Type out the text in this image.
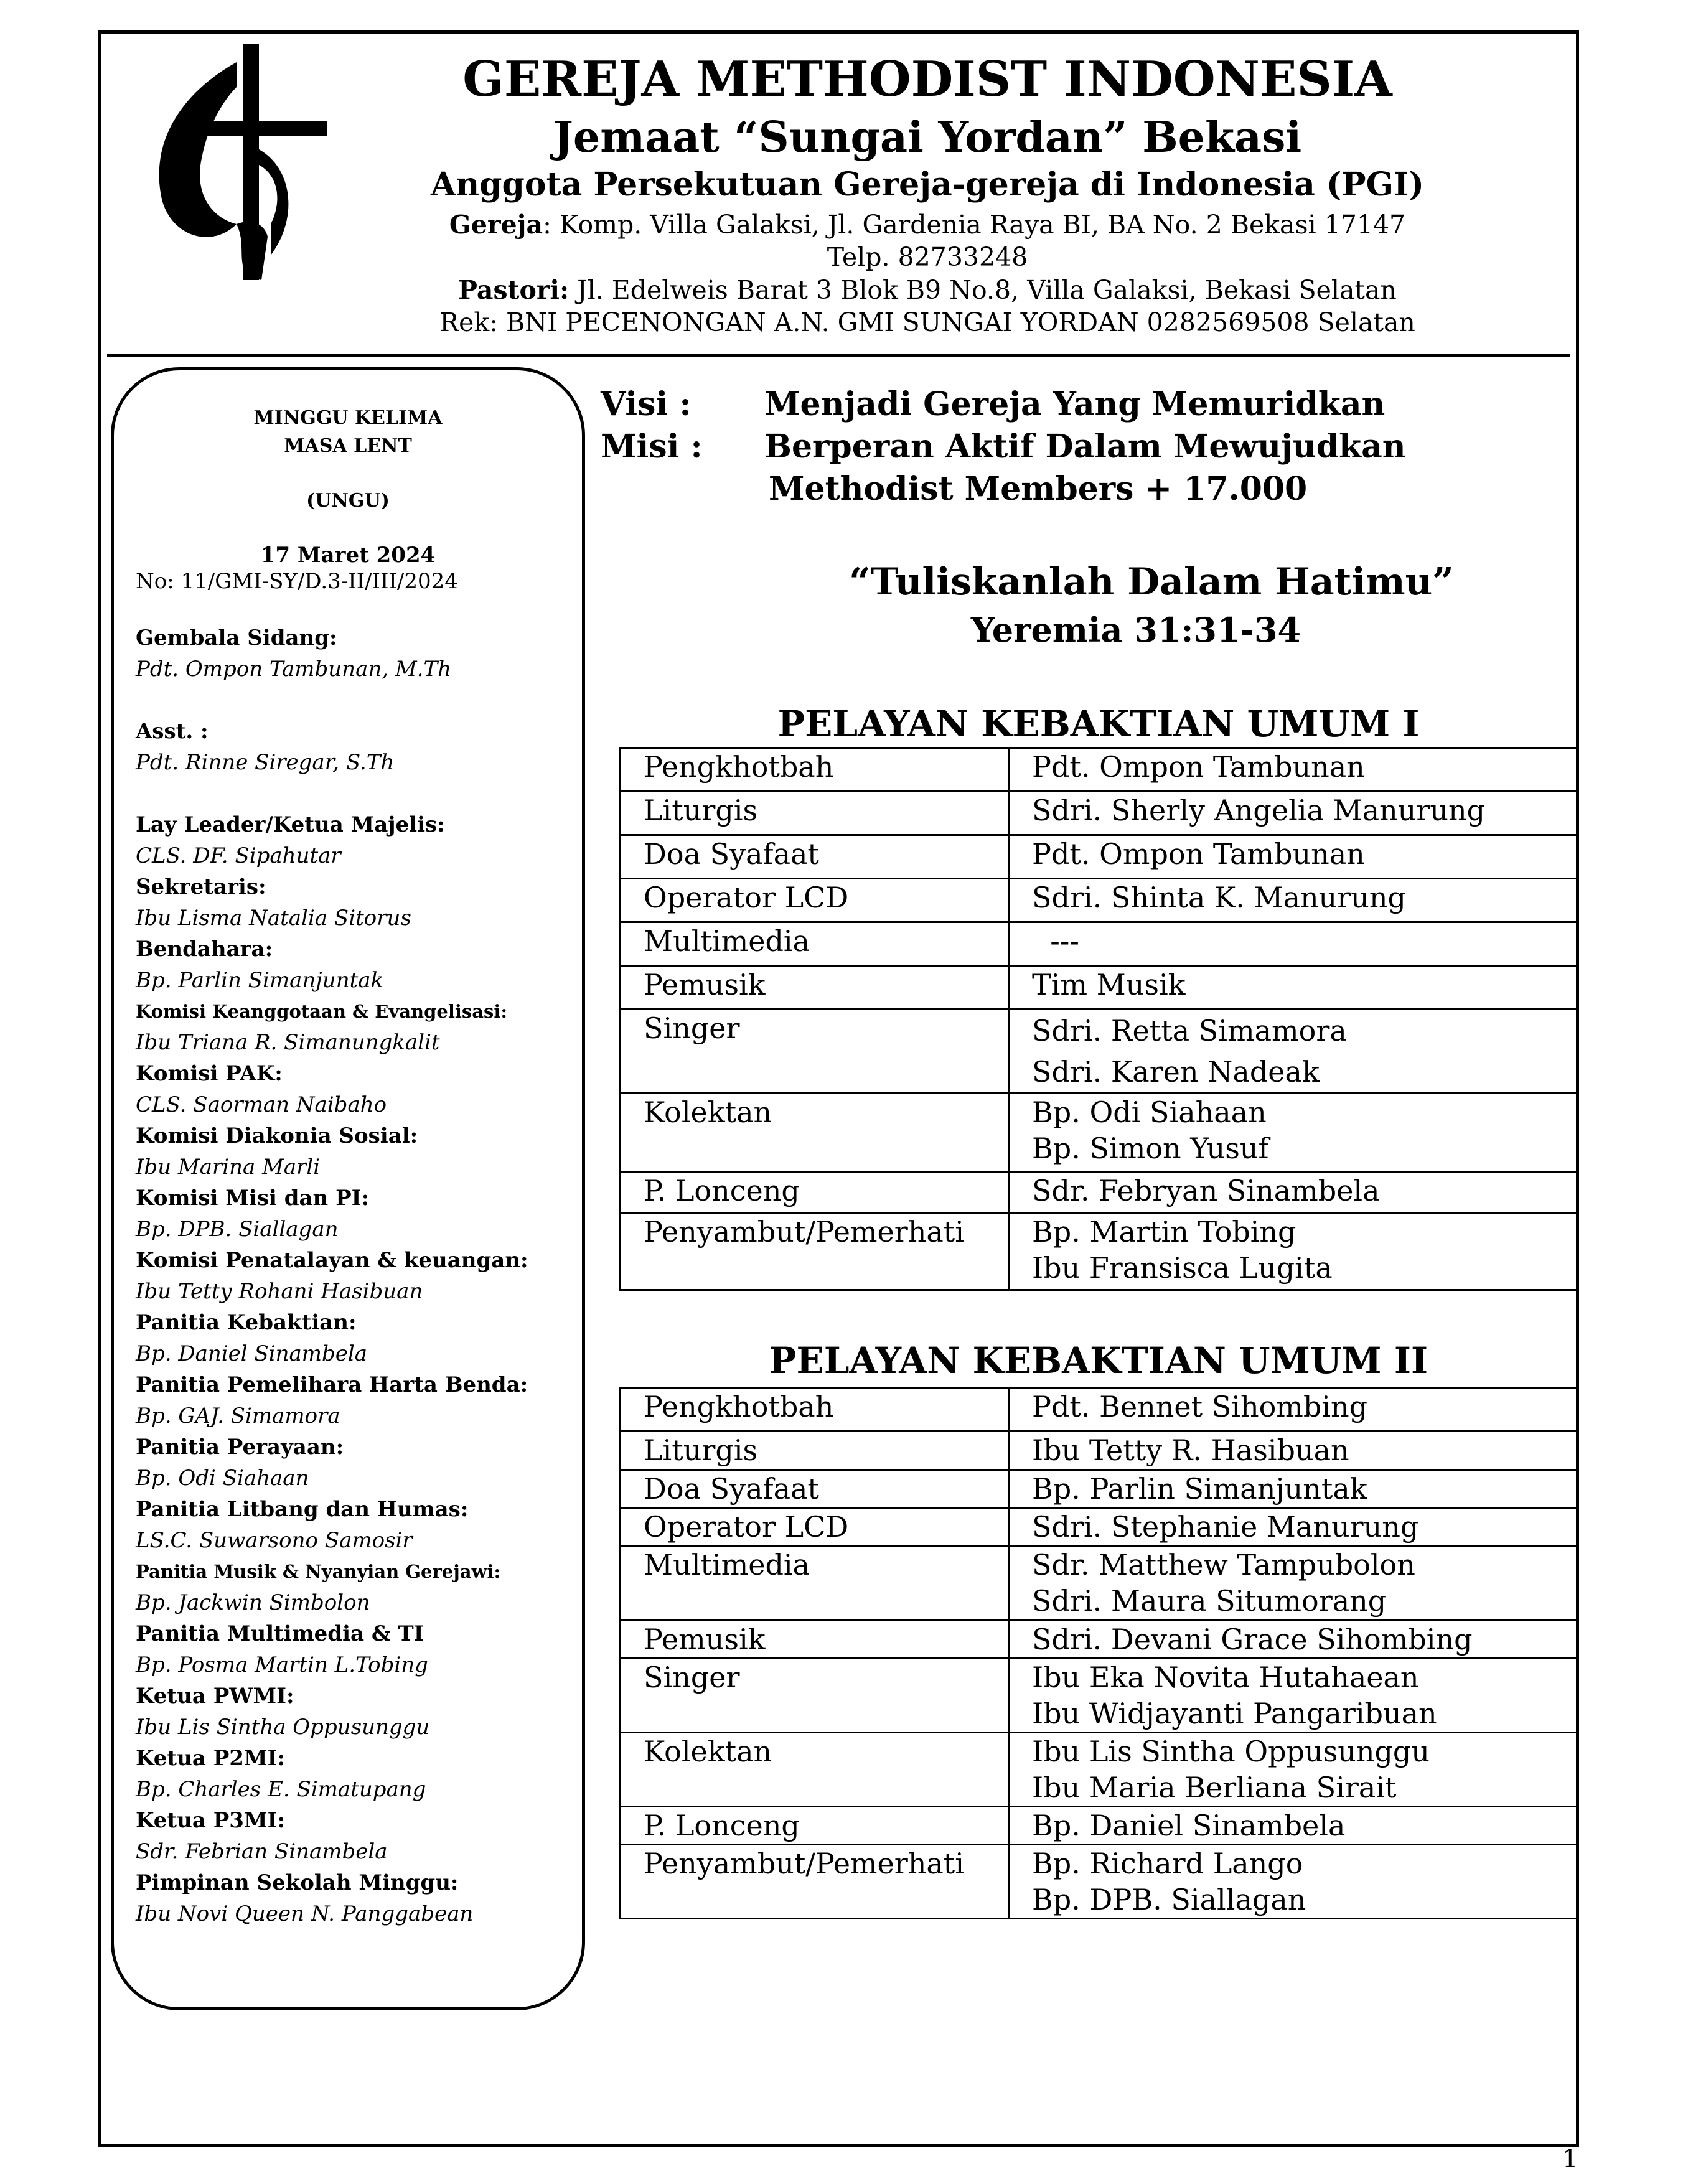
GEREJA METHODIST INDONESIA
Jemaat “Sungai Yordan” Bekasi
Anggota Persekutuan Gereja-gereja di Indonesia (PGI)
Gereja: Komp. Villa Galaksi, Jl. Gardenia Raya BI, BA No. 2 Bekasi 17147
Telp. 82733248
Pastori: Jl. Edelweis Barat 3 Blok B9 No.8, Villa Galaksi, Bekasi Selatan
Rek: BNI PECENONGAN A.N. GMI SUNGAI YORDAN 0282569508 Selatan
MINGGU KELIMA
MASA LENT
(UNGU)
17 Maret 2024
No: 11/GMI-SY/D.3-II/III/2024
Gembala Sidang:
Pdt. Ompon Tambunan, M.Th
Asst. :
Pdt. Rinne Siregar, S.Th
Lay Leader/Ketua Majelis:
CLS. DF. Sipahutar
Sekretaris:
Ibu Lisma Natalia Sitorus
Bendahara:
Bp. Parlin Simanjuntak
Komisi Keanggotaan & Evangelisasi:
Ibu Triana R. Simanungkalit
Komisi PAK:
CLS. Saorman Naibaho
Komisi Diakonia Sosial:
Ibu Marina Marli
Komisi Misi dan PI:
Bp. DPB. Siallagan
Komisi Penatalayan & keuangan:
Ibu Tetty Rohani Hasibuan
Panitia Kebaktian:
Bp. Daniel Sinambela
Panitia Pemelihara Harta Benda:
Bp. GAJ. Simamora
Panitia Perayaan:
Bp. Odi Siahaan
Panitia Litbang dan Humas:
LS.C. Suwarsono Samosir
Panitia Musik & Nyanyian Gerejawi:
Bp. Jackwin Simbolon
Panitia Multimedia & TI
Bp. Posma Martin L.Tobing
Ketua PWMI:
Ibu Lis Sintha Oppusunggu
Ketua P2MI:
Bp. Charles E. Simatupang
Ketua P3MI:
Sdr. Febrian Sinambela
Pimpinan Sekolah Minggu:
Ibu Novi Queen N. Panggabean
Visi : Menjadi Gereja Yang Memuridkan
Misi : Berperan Aktif Dalam Mewujudkan
Methodist Members + 17.000
“Tuliskanlah Dalam Hatimu”
Yeremia 31:31-34
PELAYAN KEBAKTIAN UMUM I
Pengkhotbah	Pdt. Ompon Tambunan

Liturgis	Sdri. Sherly Angelia Manurung

Doa Syafaat	Pdt. Ompon Tambunan

Operator LCD	Sdri. Shinta K. Manurung

Multimedia	---

Pemusik	Tim Musik

Singer	Sdri. Retta Simamora
Sdri. Karen Nadeak

Kolektan	Bp. Odi Siahaan
Bp. Simon Yusuf

P. Lonceng	Sdr. Febryan Sinambela

Penyambut/Pemerhati	Bp. Martin Tobing
Ibu Fransisca Lugita
PELAYAN KEBAKTIAN UMUM II
Pengkhotbah	Pdt. Bennet Sihombing

Liturgis	Ibu Tetty R. Hasibuan

Doa Syafaat	Bp. Parlin Simanjuntak

Operator LCD	Sdri. Stephanie Manurung

Multimedia	Sdr. Matthew Tampubolon
Sdri. Maura Situmorang

Pemusik	Sdri. Devani Grace Sihombing

Singer	Ibu Eka Novita Hutahaean
Ibu Widjayanti Pangaribuan

Kolektan	Ibu Lis Sintha Oppusunggu
Ibu Maria Berliana Sirait

P. Lonceng	Bp. Daniel Sinambela

Penyambut/Pemerhati	Bp. Richard Lango
Bp. DPB. Siallagan
1
